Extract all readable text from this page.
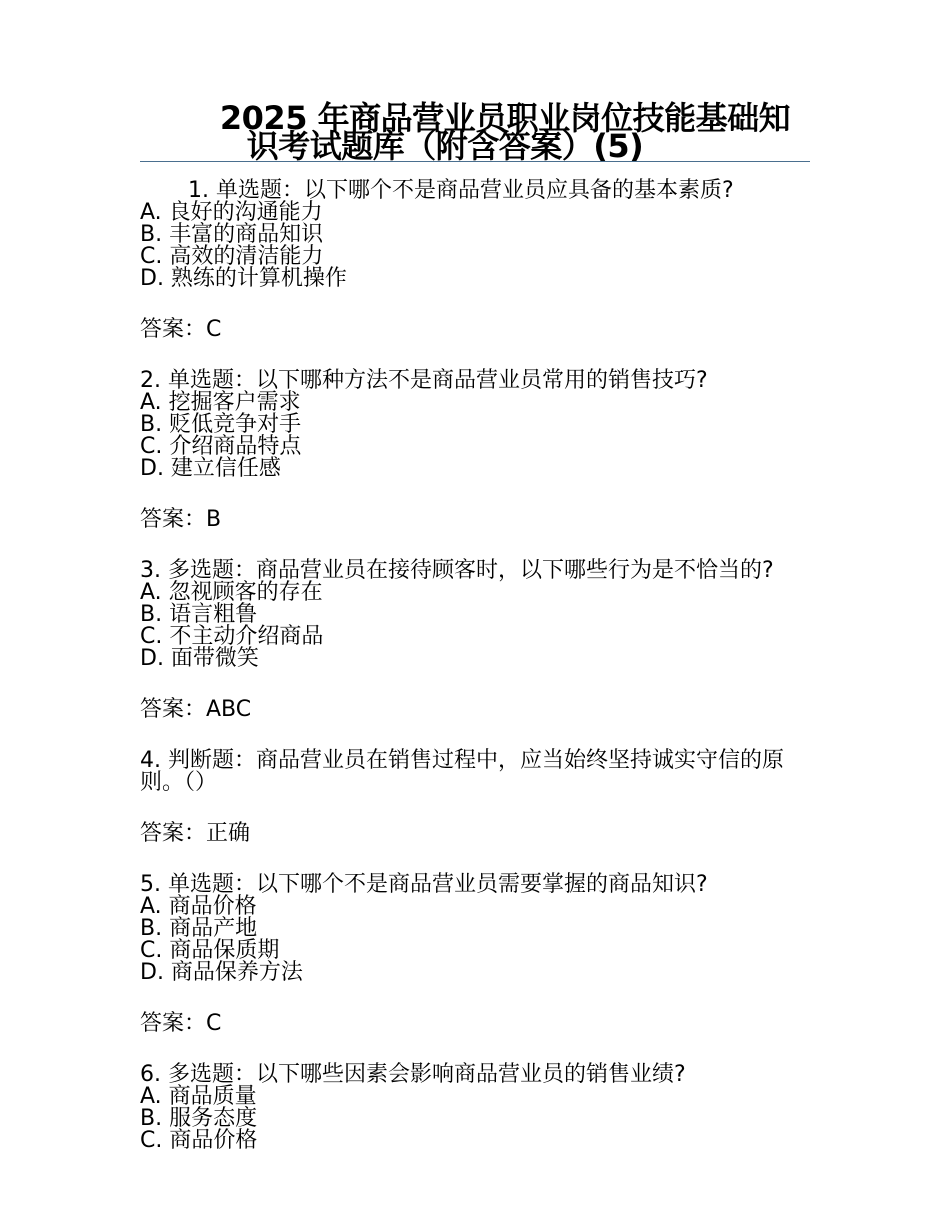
2025 年商品营业员职业岗位技能基础知
识考试题库（附含答案）(5)
1. 单选题：以下哪个不是商品营业员应具备的基本素质?
A. 良好的沟通能力
B. 丰富的商品知识
C. 高效的清洁能力
D. 熟练的计算机操作
答案：C
2. 单选题：以下哪种方法不是商品营业员常用的销售技巧?
A. 挖掘客户需求
B. 贬低竞争对手
C. 介绍商品特点
D. 建立信任感
答案：B
3. 多选题：商品营业员在接待顾客时，以下哪些行为是不恰当的?
A. 忽视顾客的存在
B. 语言粗鲁
C. 不主动介绍商品
D. 面带微笑
答案：ABC
4. 判断题：商品营业员在销售过程中，应当始终坚持诚实守信的原则。（）
答案：正确
5. 单选题：以下哪个不是商品营业员需要掌握的商品知识?
A. 商品价格
B. 商品产地
C. 商品保质期
D. 商品保养方法
答案：C
6. 多选题：以下哪些因素会影响商品营业员的销售业绩?
A. 商品质量
B. 服务态度
C. 商品价格
